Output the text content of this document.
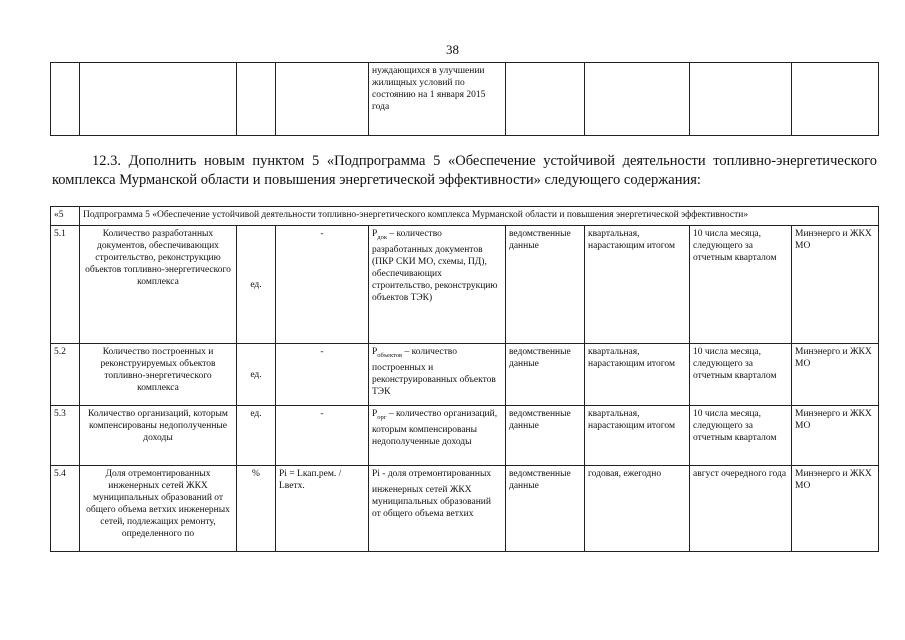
38
				нуждающихся в улучшении жилищных условий по состоянию на 1 января 2015 года				
12.3. Дополнить новым пунктом 5 «Подпрограмма 5 «Обеспечение устойчивой деятельности топливно-энергетического комплекса Мурманской области и повышения энергетической эффективности» следующего содержания:
«5	Подпрограмма 5 «Обеспечение устойчивой деятельности топливно-энергетического комплекса Мурманской области и повышения энергетической эффективности»							
5.1	Количество разработанных документов, обеспечивающих строительство, реконструкцию объектов топливно-энергетического комплекса	ед.	-	$P_{док}$ – количество разработанных документов (ПКР СКИ МО, схемы, ПД), обеспечивающих строительство, реконструкцию объектов ТЭК)	ведомственные данные	квартальная, нарастающим итогом	10 числа месяца, следующего за отчетным кварталом	Минэнерго и ЖКХ МО
5.2	Количество построенных и реконструируемых объектов топливно-энергетического комплекса	ед.	-	$P_{объектов}$ – количество построенных и реконструированных объектов ТЭК	ведомственные данные	квартальная, нарастающим итогом	10 числа месяца, следующего за отчетным кварталом	Минэнерго и ЖКХ МО
5.3	Количество организаций, которым компенсированы недополученные доходы	ед.	-	$P_{орг}$ – количество организаций, которым компенсированы недополученные доходы	ведомственные данные	квартальная, нарастающим итогом	10 числа месяца, следующего за отчетным кварталом	Минэнерго и ЖКХ МО
5.4	Доля отремонтированных инженерных сетей ЖКХ муниципальных образований от общего объема ветхих инженерных сетей, подлежащих ремонту, определенного по	%	Pi = Lкап.рем. / Lветх.	Pi - доля отремонтированных инженерных сетей ЖКХ муниципальных образований от общего объема ветхих	ведомственные данные	годовая, ежегодно	август очередного года	Минэнерго и ЖКХ МО
